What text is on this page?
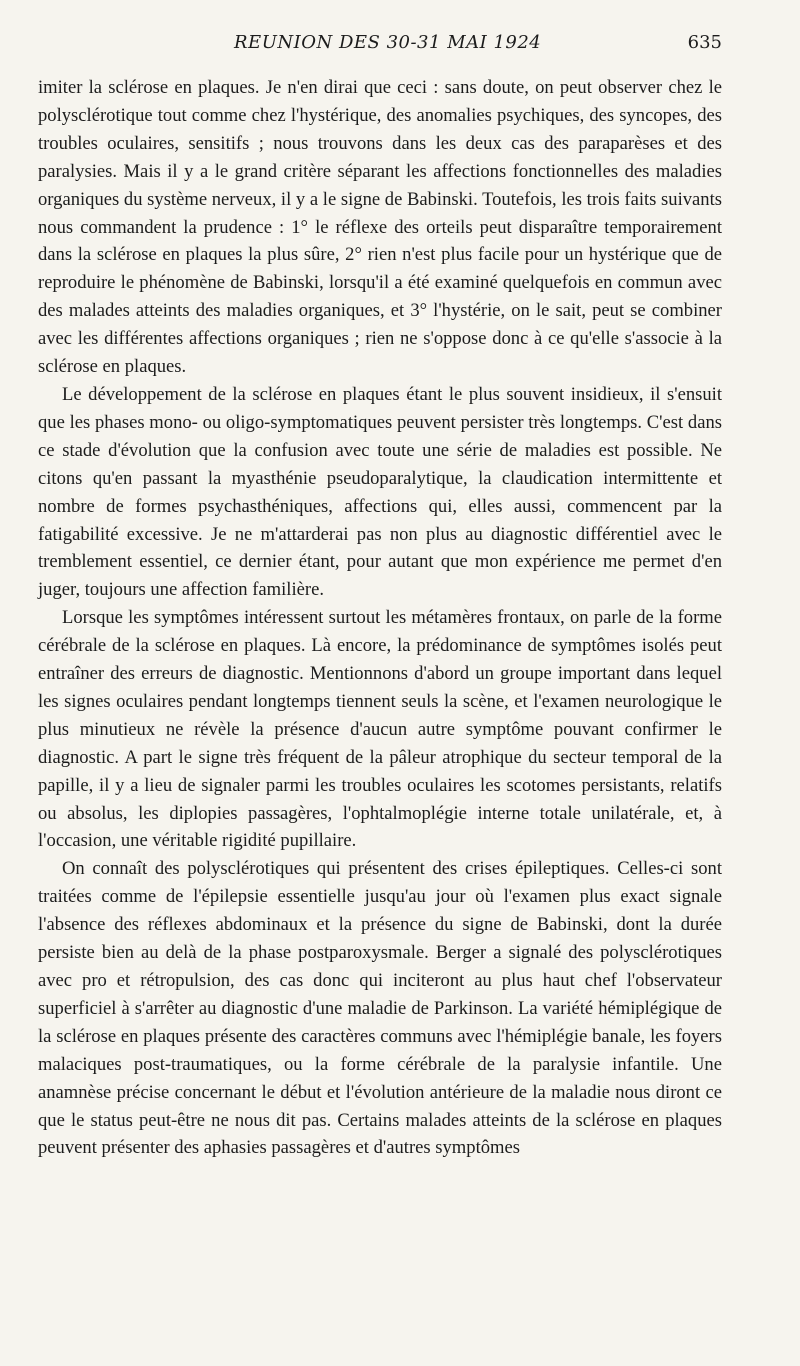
REUNION DES 30-31 MAI 1924	635

imiter la sclérose en plaques. Je n'en dirai que ceci : sans doute, on peut observer chez le polysclérotique tout comme chez l'hystérique, des anomalies psychiques, des syncopes, des troubles oculaires, sensitifs ; nous trouvons dans les deux cas des paraparèses et des paralysies. Mais il y a le grand critère séparant les affections fonctionnelles des maladies organiques du système nerveux, il y a le signe de Babinski. Toutefois, les trois faits suivants nous commandent la prudence : 1° le réflexe des orteils peut disparaître temporairement dans la sclérose en plaques la plus sûre, 2° rien n'est plus facile pour un hystérique que de reproduire le phénomène de Babinski, lorsqu'il a été examiné quelquefois en commun avec des malades atteints des maladies organiques, et 3° l'hystérie, on le sait, peut se combiner avec les différentes affections organiques ; rien ne s'oppose donc à ce qu'elle s'associe à la sclérose en plaques.

Le développement de la sclérose en plaques étant le plus souvent insidieux, il s'ensuit que les phases mono- ou oligo-symptomatiques peuvent persister très longtemps. C'est dans ce stade d'évolution que la confusion avec toute une série de maladies est possible. Ne citons qu'en passant la myasthénie pseudoparalytique, la claudication intermittente et nombre de formes psychasthéniques, affections qui, elles aussi, commencent par la fatigabilité excessive. Je ne m'attarderai pas non plus au diagnostic différentiel avec le tremblement essentiel, ce dernier étant, pour autant que mon expérience me permet d'en juger, toujours une affection familière.

Lorsque les symptômes intéressent surtout les métamères frontaux, on parle de la forme cérébrale de la sclérose en plaques. Là encore, la prédominance de symptômes isolés peut entraîner des erreurs de diagnostic. Mentionnons d'abord un groupe important dans lequel les signes oculaires pendant longtemps tiennent seuls la scène, et l'examen neurologique le plus minutieux ne révèle la présence d'aucun autre symptôme pouvant confirmer le diagnostic. A part le signe très fréquent de la pâleur atrophique du secteur temporal de la papille, il y a lieu de signaler parmi les troubles oculaires les scotomes persistants, relatifs ou absolus, les diplopies passagères, l'ophtalmoplégie interne totale unilatérale, et, à l'occasion, une véritable rigidité pupillaire.

On connaît des polysclérotiques qui présentent des crises épileptiques. Celles-ci sont traitées comme de l'épilepsie essentielle jusqu'au jour où l'examen plus exact signale l'absence des réflexes abdominaux et la présence du signe de Babinski, dont la durée persiste bien au delà de la phase postparoxysmale. Berger a signalé des polysclérotiques avec pro et rétropulsion, des cas donc qui inciteront au plus haut chef l'observateur superficiel à s'arrêter au diagnostic d'une maladie de Parkinson. La variété hémiplégique de la sclérose en plaques présente des caractères communs avec l'hémiplégie banale, les foyers malaciques post-traumatiques, ou la forme cérébrale de la paralysie infantile. Une anamnèse précise concernant le début et l'évolution antérieure de la maladie nous diront ce que le status peut-être ne nous dit pas. Certains malades atteints de la sclérose en plaques peuvent présenter des aphasies passagères et d'autres symptômes
